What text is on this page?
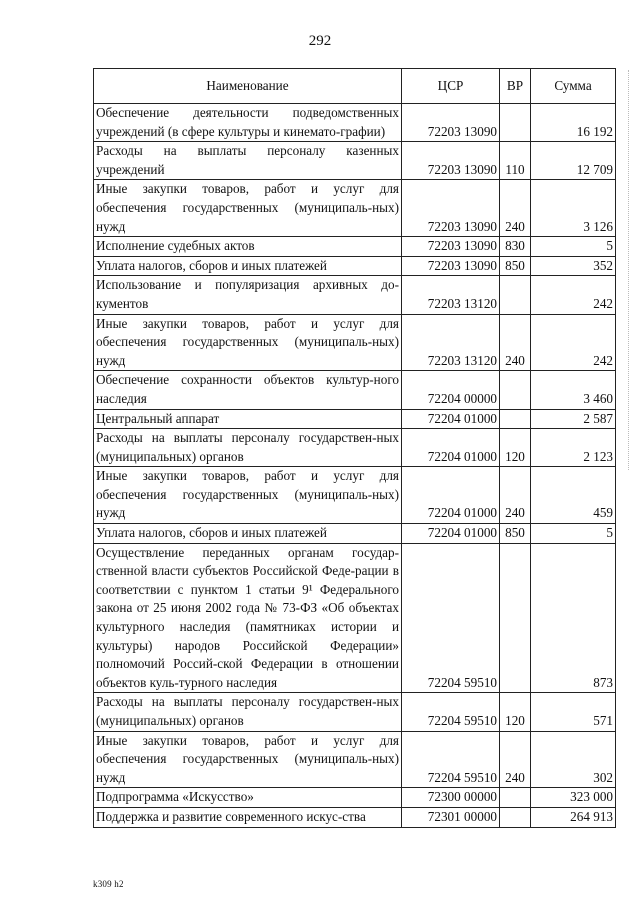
292
Наименование	ЦСР	ВР	Сумма
Обеспечение деятельности подведомственных учреждений (в сфере культуры и кинемато-графии)	72203 13090		16 192
Расходы на выплаты персоналу казенных учреждений	72203 13090	110	12 709
Иные закупки товаров, работ и услуг для обеспечения государственных (муниципаль-ных) нужд	72203 13090	240	3 126
Исполнение судебных актов	72203 13090	830	5
Уплата налогов, сборов и иных платежей	72203 13090	850	352
Использование и популяризация архивных до-кументов	72203 13120		242
Иные закупки товаров, работ и услуг для обеспечения государственных (муниципаль-ных) нужд	72203 13120	240	242
Обеспечение сохранности объектов культур-ного наследия	72204 00000		3 460
Центральный аппарат	72204 01000		2 587
Расходы на выплаты персоналу государствен-ных (муниципальных) органов	72204 01000	120	2 123
Иные закупки товаров, работ и услуг для обеспечения государственных (муниципаль-ных) нужд	72204 01000	240	459
Уплата налогов, сборов и иных платежей	72204 01000	850	5
Осуществление переданных органам государ-ственной власти субъектов Российской Феде-рации в соответствии с пунктом 1 статьи 9¹ Федерального закона от 25 июня 2002 года № 73-ФЗ «Об объектах культурного наследия (памятниках истории и культуры) народов Российской Федерации» полномочий Россий-ской Федерации в отношении объектов куль-турного наследия	72204 59510		873
Расходы на выплаты персоналу государствен-ных (муниципальных) органов	72204 59510	120	571
Иные закупки товаров, работ и услуг для обеспечения государственных (муниципаль-ных) нужд	72204 59510	240	302
Подпрограмма «Искусство»	72300 00000		323 000
Поддержка и развитие современного искус-ства	72301 00000		264 913
k309 h2
